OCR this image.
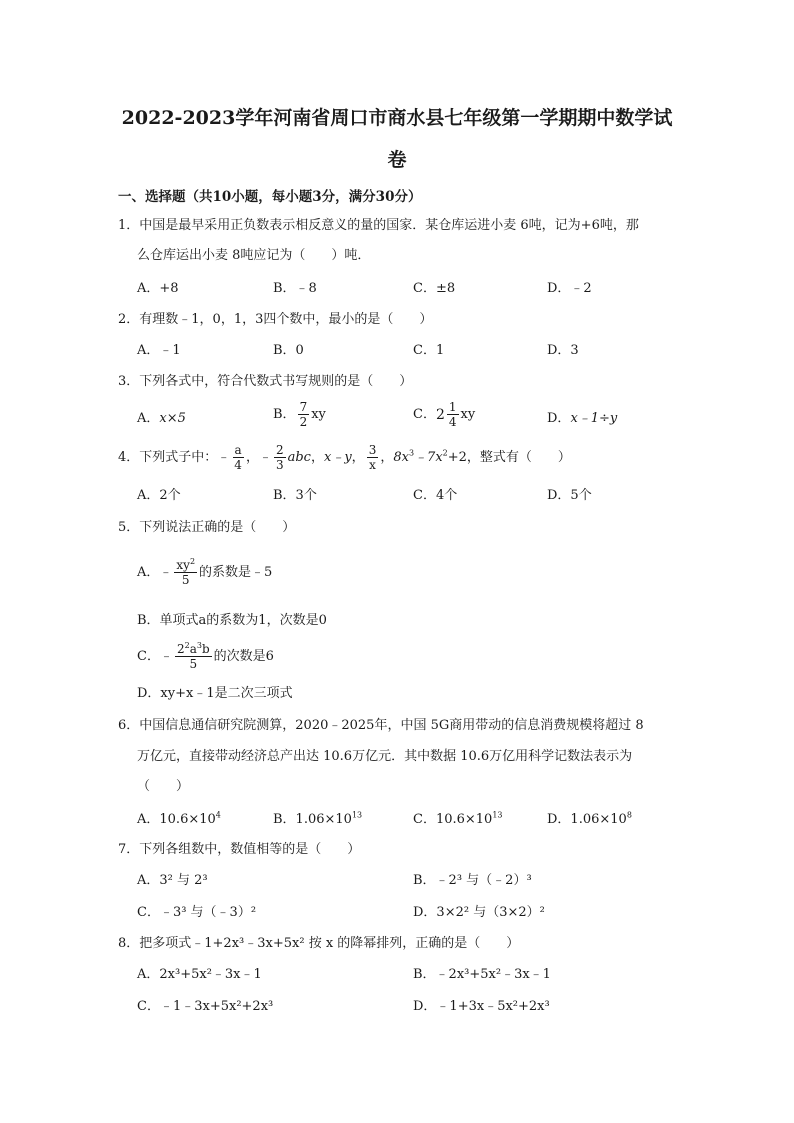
2022-2023学年河南省周口市商水县七年级第一学期期中数学试
卷
一、选择题（共10小题，每小题3分，满分30分）
1．中国是最早采用正负数表示相反意义的量的国家．某仓库运进小麦 6吨，记为+6吨，那
么仓库运出小麦 8吨应记为（　　）吨．
A．+8	B．﹣8	C．±8	D．﹣2
2．有理数﹣1，0，1，3四个数中，最小的是（　　）
A．﹣1	B．0	C．1	D．3
3．下列各式中，符合代数式书写规则的是（　　）
A．x×5	B． $\frac{7}{2}$ xy	C． $2 \frac{1}{4}$ xy	D．x﹣1÷y
4．下列式子中：﹣ $\frac{a}{4}$ ，﹣ $\frac{2}{3}$ abc，x﹣y， $\frac{3}{x}$ ，$8x^3﹣7x^2+2$，整式有（　　）
A．2个	B．3个	C．4个	D．5个
5．下列说法正确的是（　　）
A．﹣ $\frac{xy^2}{5}$ 的系数是﹣5
B．单项式a的系数为1，次数是0
C．﹣ $\frac{2^2a^3b}{5}$ 的次数是6
D．xy+x﹣1是二次三项式
6．中国信息通信研究院测算，2020﹣2025年，中国 5G商用带动的信息消费规模将超过 8
万亿元，直接带动经济总产出达 10.6万亿元．其中数据 10.6万亿用科学记数法表示为
（　　）
A．$10.6\times 10^4$	B．$1.06\times 10^{13}$	C．$10.6\times 10^{13}$	D．$1.06\times 10^8$
7．下列各组数中，数值相等的是（　　）
A．3² 与 2³	B．﹣2³ 与（﹣2）³
C．﹣3³ 与（﹣3）²	D．3×2² 与（3×2）²
8．把多项式﹣1+2x³﹣3x+5x² 按 x 的降幂排列，正确的是（　　）
A．2x³+5x²﹣3x﹣1	B．﹣2x³+5x²﹣3x﹣1
C．﹣1﹣3x+5x²+2x³	D．﹣1+3x﹣5x²+2x³
